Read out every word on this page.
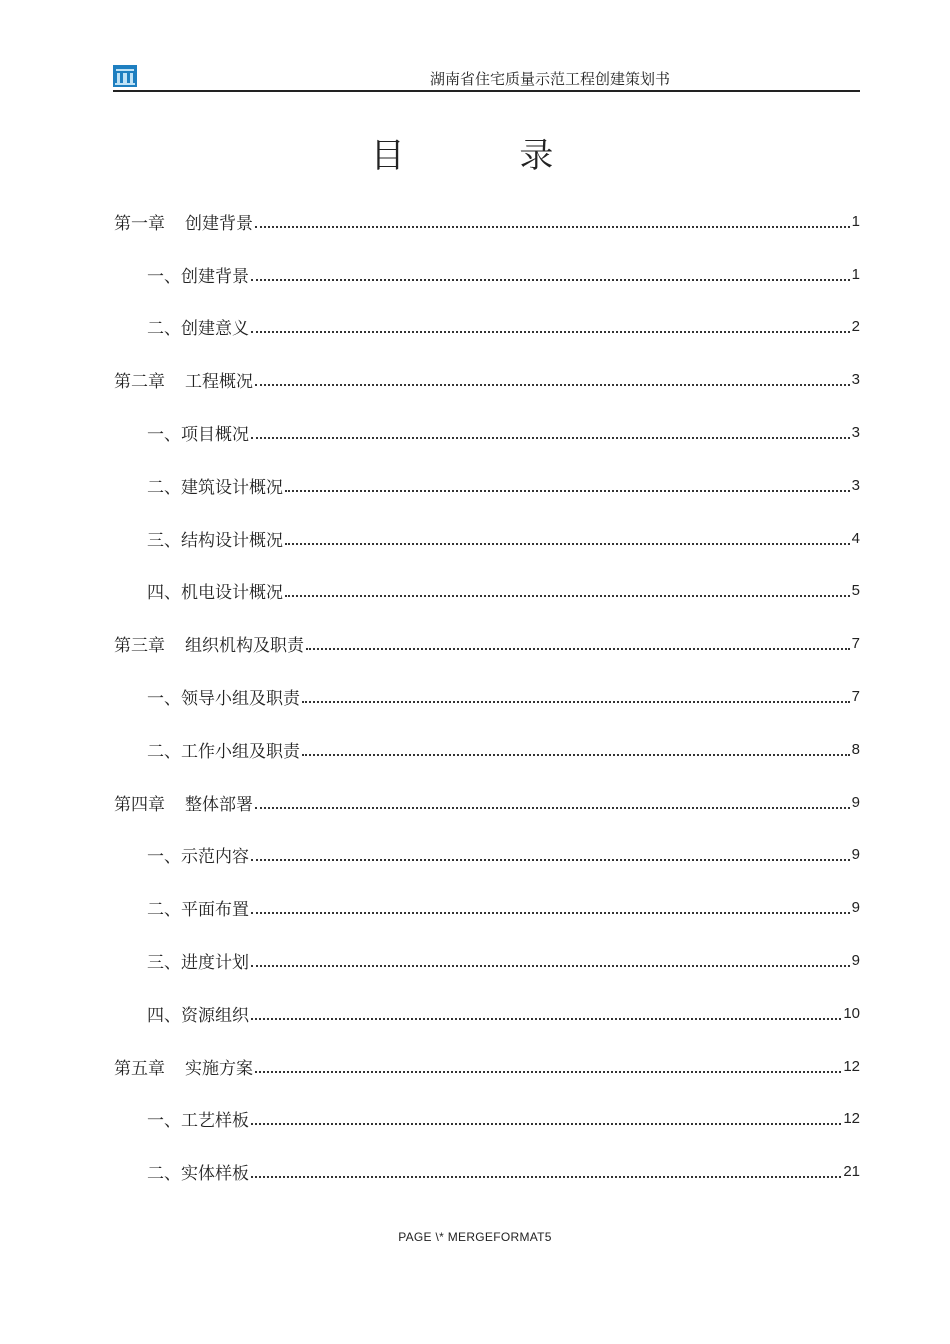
湖南省住宅质量示范工程创建策划书
目 录
第一章 创建背景	1
一、创建背景	1
二、创建意义	2
第二章 工程概况	3
一、项目概况	3
二、建筑设计概况	3
三、结构设计概况	4
四、机电设计概况	5
第三章 组织机构及职责	7
一、领导小组及职责	7
二、工作小组及职责	8
第四章 整体部署	9
一、示范内容	9
二、平面布置	9
三、进度计划	9
四、资源组织	10
第五章 实施方案	12
一、工艺样板	12
二、实体样板	21
PAGE \* MERGEFORMAT5
